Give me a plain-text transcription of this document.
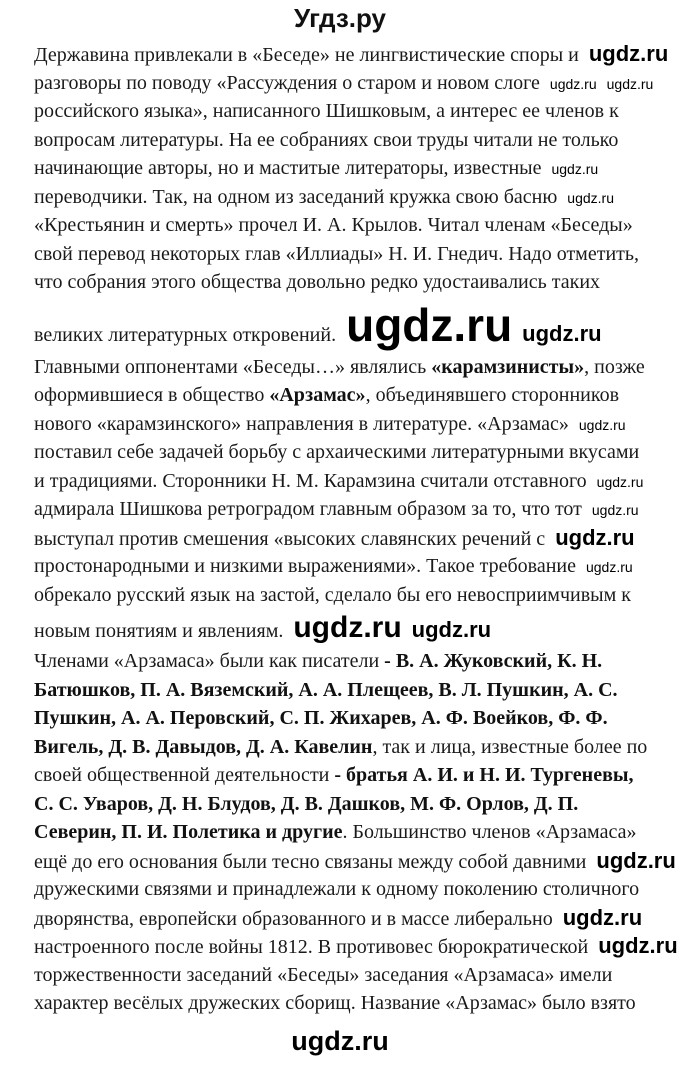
Угдз.ру
Державина привлекали в «Беседе» не лингвистические споры и ugdz.ru
разговоры по поводу «Рассуждения о старом и новом слоге ugdz.ru ugdz.ru
российского языка», написанного Шишковым, а интерес ее членов к
вопросам литературы. На ее собраниях свои труды читали не только
начинающие авторы, но и маститые литераторы, известные ugdz.ru
переводчики. Так, на одном из заседаний кружка свою басню ugdz.ru
«Крестьянин и смерть» прочел И. А. Крылов. Читал членам «Беседы»
свой перевод некоторых глав «Иллиады» Н. И. Гнедич. Надо отметить,
что собрания этого общества довольно редко удостаивались таких
великих литературных откровений. ugdz.ru ugdz.ru
Главными оппонентами «Беседы…» являлись «карамзинисты», позже
оформившиеся в общество «Арзамас», объединявшего сторонников
нового «карамзинского» направления в литературе. «Арзамас» ugdz.ru
поставил себе задачей борьбу с архаическими литературными вкусами
и традициями. Сторонники Н. М. Карамзина считали отставного ugdz.ru
адмирала Шишкова ретроградом главным образом за то, что тот ugdz.ru
выступал против смешения «высоких славянских речений с ugdz.ru
простонародными и низкими выражениями». Такое требование ugdz.ru
обрекало русский язык на застой, сделало бы его невосприимчивым к
новым понятиям и явлениям. ugdz.ru ugdz.ru
Членами «Арзамаса» были как писатели - В. А. Жуковский, К. Н.
Батюшков, П. А. Вяземский, А. А. Плещеев, В. Л. Пушкин, А. С.
Пушкин, А. А. Перовский, С. П. Жихарев, А. Ф. Воейков, Ф. Ф.
Вигель, Д. В. Давыдов, Д. А. Кавелин, так и лица, известные более по
своей общественной деятельности - братья А. И. и Н. И. Тургеневы,
С. С. Уваров, Д. Н. Блудов, Д. В. Дашков, М. Ф. Орлов, Д. П.
Северин, П. И. Полетика и другие. Большинство членов «Арзамаса»
ещё до его основания были тесно связаны между собой давними ugdz.ru
дружескими связями и принадлежали к одному поколению столичного
дворянства, европейски образованного и в массе либерально ugdz.ru
настроенного после войны 1812. В противовес бюрократической ugdz.ru
торжественности заседаний «Беседы» заседания «Арзамаса» имели
характер весёлых дружеских сборищ. Название «Арзамас» было взято
ugdz.ru
